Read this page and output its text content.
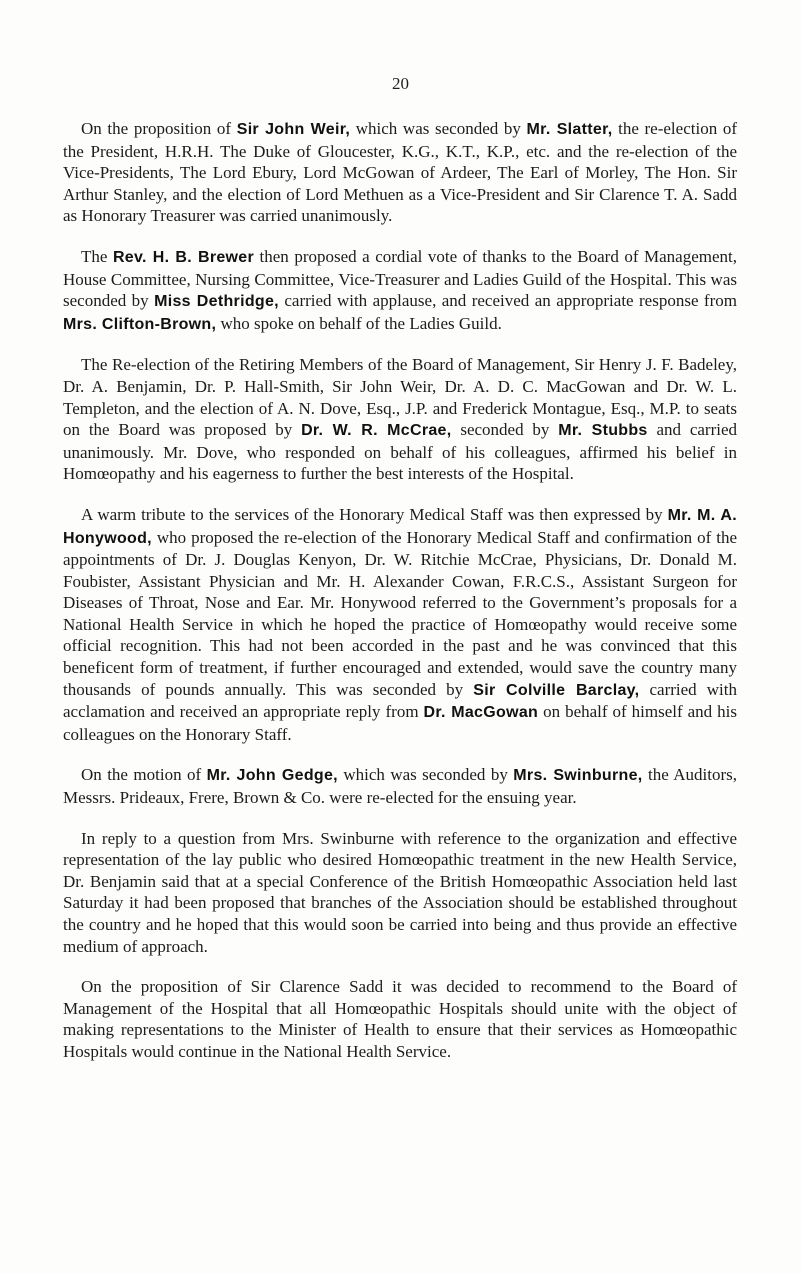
20

On the proposition of Sir John Weir, which was seconded by Mr. Slatter, the re-election of the President, H.R.H. The Duke of Gloucester, K.G., K.T., K.P., etc. and the re-election of the Vice-Presidents, The Lord Ebury, Lord McGowan of Ardeer, The Earl of Morley, The Hon. Sir Arthur Stanley, and the election of Lord Methuen as a Vice-President and Sir Clarence T. A. Sadd as Honorary Treasurer was carried unanimously.

The Rev. H. B. Brewer then proposed a cordial vote of thanks to the Board of Management, House Committee, Nursing Committee, Vice-Treasurer and Ladies Guild of the Hospital. This was seconded by Miss Dethridge, carried with applause, and received an appropriate response from Mrs. Clifton-Brown, who spoke on behalf of the Ladies Guild.

The Re-election of the Retiring Members of the Board of Management, Sir Henry J. F. Badeley, Dr. A. Benjamin, Dr. P. Hall-Smith, Sir John Weir, Dr. A. D. C. MacGowan and Dr. W. L. Templeton, and the election of A. N. Dove, Esq., J.P. and Frederick Montague, Esq., M.P. to seats on the Board was proposed by Dr. W. R. McCrae, seconded by Mr. Stubbs and carried unanimously. Mr. Dove, who responded on behalf of his colleagues, affirmed his belief in Homœopathy and his eagerness to further the best interests of the Hospital.

A warm tribute to the services of the Honorary Medical Staff was then expressed by Mr. M. A. Honywood, who proposed the re-election of the Honorary Medical Staff and confirmation of the appointments of Dr. J. Douglas Kenyon, Dr. W. Ritchie McCrae, Physicians, Dr. Donald M. Foubister, Assistant Physician and Mr. H. Alexander Cowan, F.R.C.S., Assistant Surgeon for Diseases of Throat, Nose and Ear. Mr. Honywood referred to the Government’s proposals for a National Health Service in which he hoped the practice of Homœopathy would receive some official recognition. This had not been accorded in the past and he was convinced that this beneficent form of treatment, if further encouraged and extended, would save the country many thousands of pounds annually. This was seconded by Sir Colville Barclay, carried with acclamation and received an appropriate reply from Dr. MacGowan on behalf of himself and his colleagues on the Honorary Staff.

On the motion of Mr. John Gedge, which was seconded by Mrs. Swinburne, the Auditors, Messrs. Prideaux, Frere, Brown & Co. were re-elected for the ensuing year.

In reply to a question from Mrs. Swinburne with reference to the organization and effective representation of the lay public who desired Homœopathic treatment in the new Health Service, Dr. Benjamin said that at a special Conference of the British Homœopathic Association held last Saturday it had been proposed that branches of the Association should be established throughout the country and he hoped that this would soon be carried into being and thus provide an effective medium of approach.

On the proposition of Sir Clarence Sadd it was decided to recommend to the Board of Management of the Hospital that all Homœopathic Hospitals should unite with the object of making representations to the Minister of Health to ensure that their services as Homœopathic Hospitals would continue in the National Health Service.
